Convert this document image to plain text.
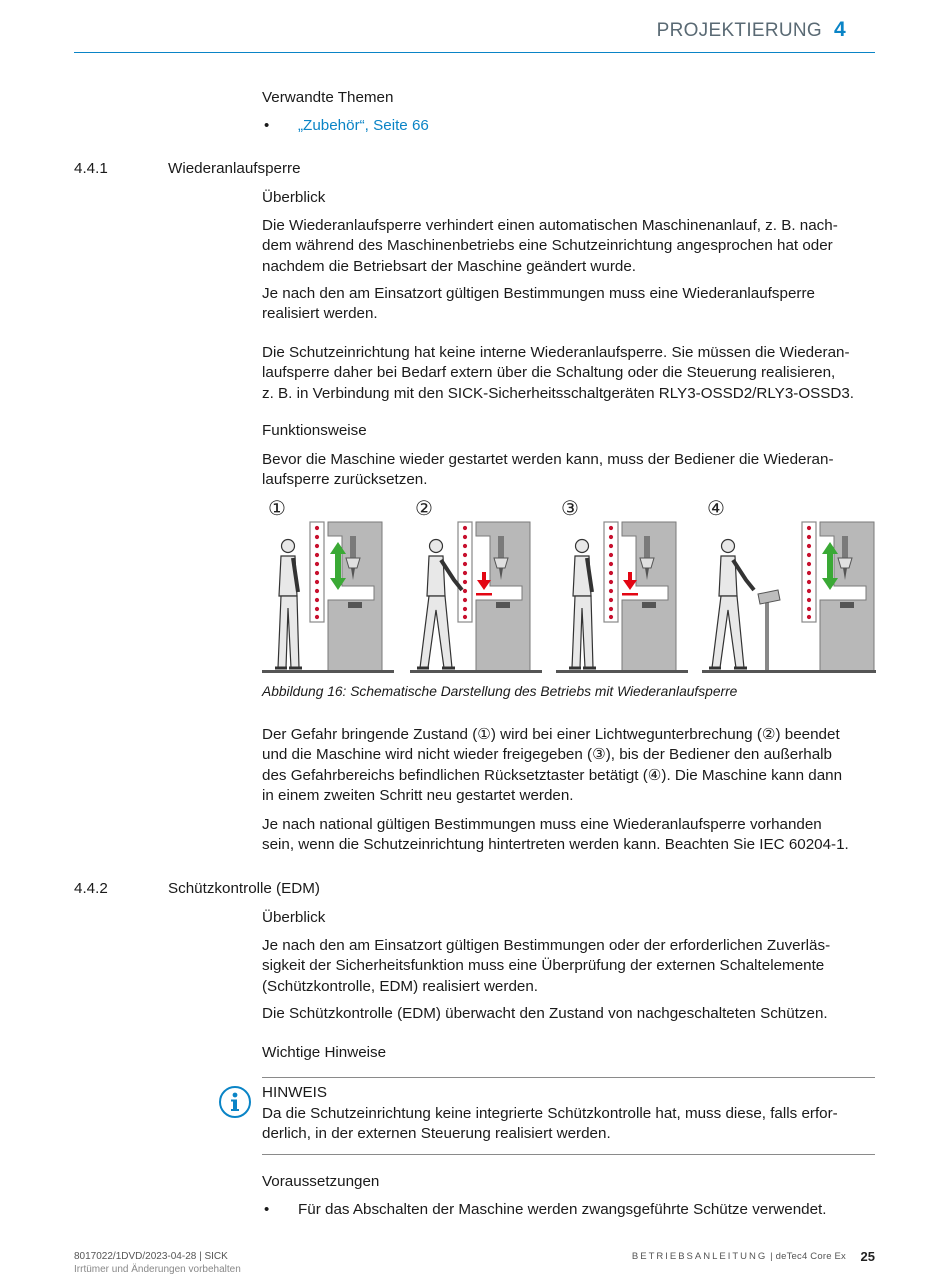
PROJEKTIERUNG 4
Verwandte Themen
• „Zubehör“, Seite 66
4.4.1	Wiederanlaufsperre
Überblick
Die Wiederanlaufsperre verhindert einen automatischen Maschinenanlauf, z. B. nach-
dem während des Maschinenbetriebs eine Schutzeinrichtung angesprochen hat oder
nachdem die Betriebsart der Maschine geändert wurde.
Je nach den am Einsatzort gültigen Bestimmungen muss eine Wiederanlaufsperre
realisiert werden.
Die Schutzeinrichtung hat keine interne Wiederanlaufsperre. Sie müssen die Wiederan-
laufsperre daher bei Bedarf extern über die Schaltung oder die Steuerung realisieren,
z. B. in Verbindung mit den SICK-Sicherheitsschaltgeräten RLY3-OSSD2/RLY3-OSSD3.
Funktionsweise
Bevor die Maschine wieder gestartet werden kann, muss der Bediener die Wiederan-
laufsperre zurücksetzen.
①	②	③	④
Abbildung 16: Schematische Darstellung des Betriebs mit Wiederanlaufsperre
Der Gefahr bringende Zustand (①) wird bei einer Lichtwegunterbrechung (②) beendet
und die Maschine wird nicht wieder freigegeben (③), bis der Bediener den außerhalb
des Gefahrbereichs befindlichen Rücksetztaster betätigt (④). Die Maschine kann dann
in einem zweiten Schritt neu gestartet werden.
Je nach national gültigen Bestimmungen muss eine Wiederanlaufsperre vorhanden
sein, wenn die Schutzeinrichtung hintertreten werden kann. Beachten Sie IEC 60204-1.
4.4.2	Schützkontrolle (EDM)
Überblick
Je nach den am Einsatzort gültigen Bestimmungen oder der erforderlichen Zuverläs-
sigkeit der Sicherheitsfunktion muss eine Überprüfung der externen Schaltelemente
(Schützkontrolle, EDM) realisiert werden.
Die Schützkontrolle (EDM) überwacht den Zustand von nachgeschalteten Schützen.
Wichtige Hinweise
HINWEIS
Da die Schutzeinrichtung keine integrierte Schützkontrolle hat, muss diese, falls erfor-
derlich, in der externen Steuerung realisiert werden.
Voraussetzungen
• Für das Abschalten der Maschine werden zwangsgeführte Schütze verwendet.
8017022/1DVD/2023-04-28 | SICK
Irrtümer und Änderungen vorbehalten
BETRIEBSANLEITUNG | deTec4 Core Ex 25
